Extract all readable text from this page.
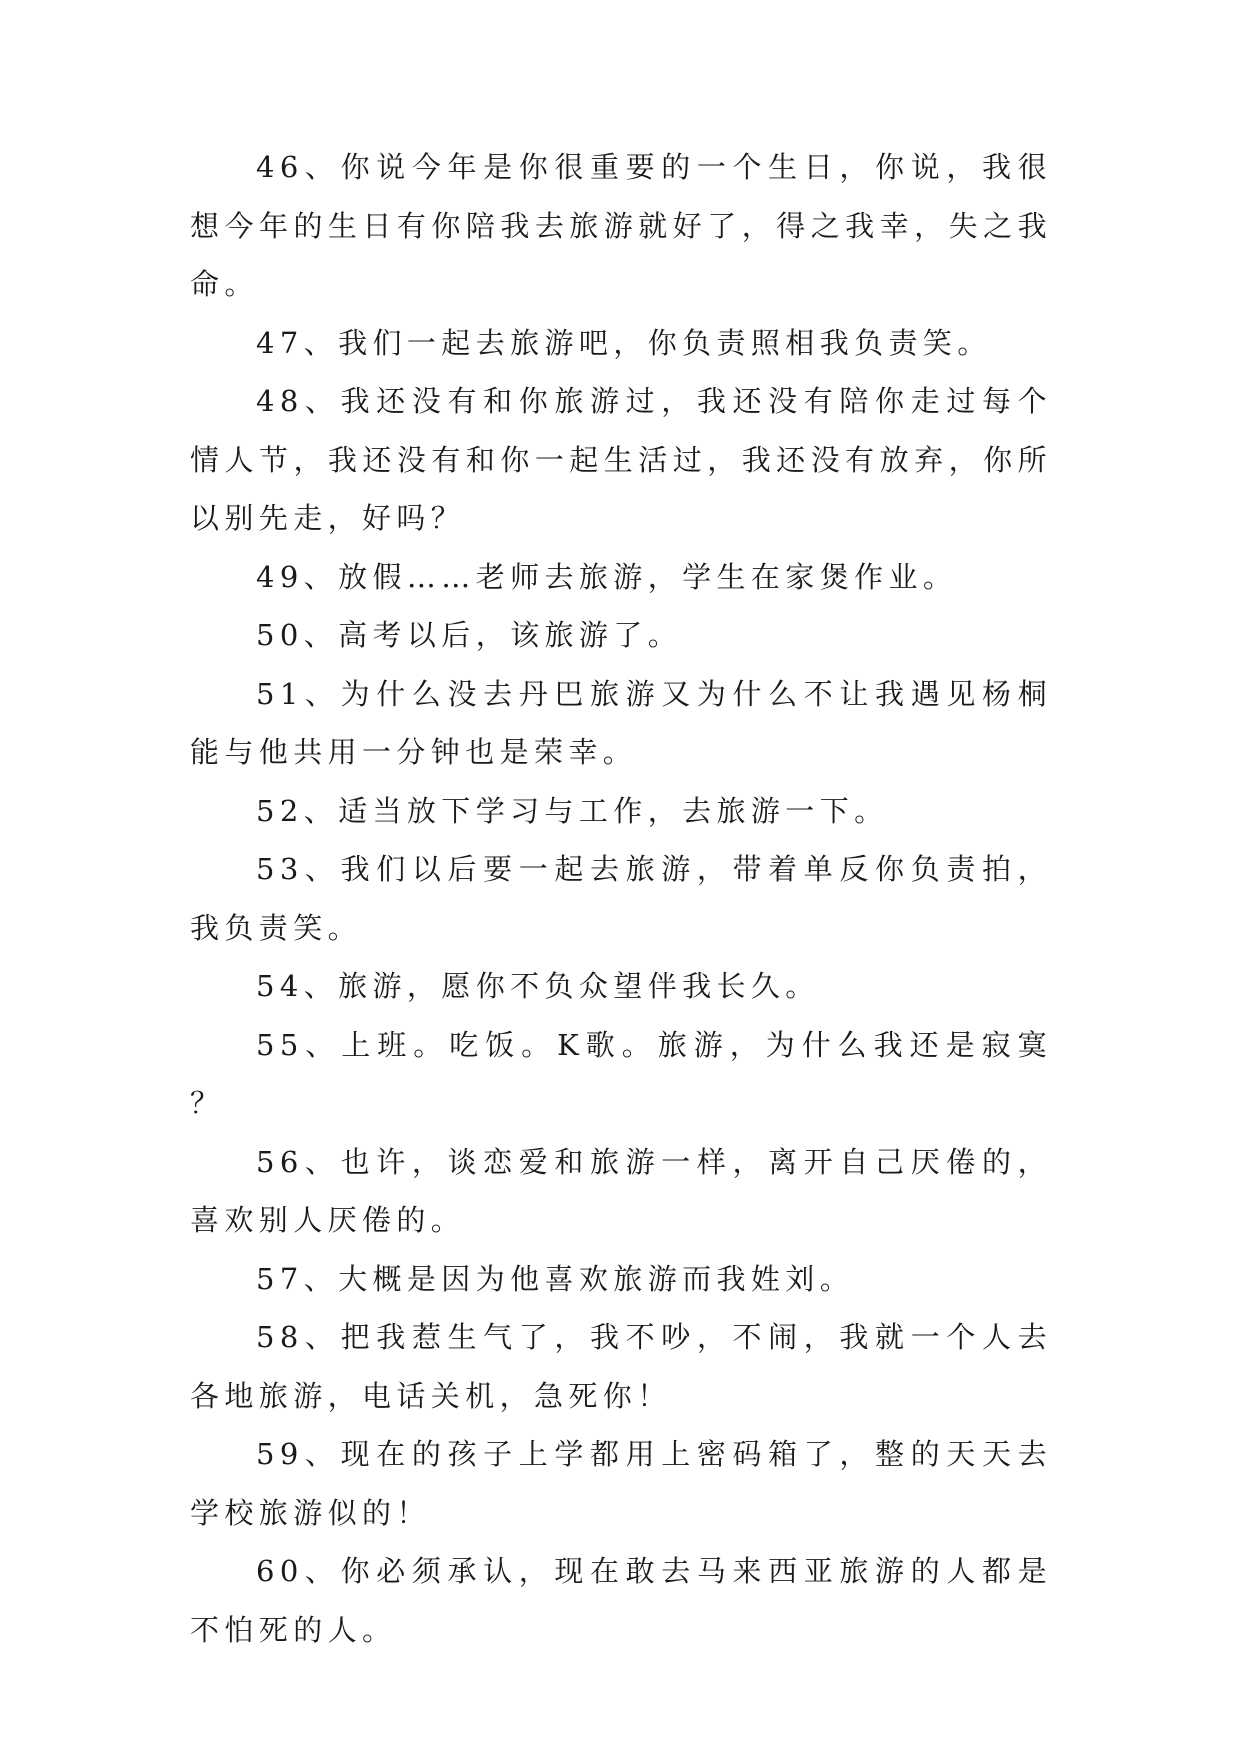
46、你说今年是你很重要的一个生日，你说，我很想今年的生日有你陪我去旅游就好了，得之我幸，失之我命。

47、我们一起去旅游吧，你负责照相我负责笑。

48、我还没有和你旅游过，我还没有陪你走过每个情人节，我还没有和你一起生活过，我还没有放弃，你所以别先走，好吗？

49、放假……老师去旅游，学生在家煲作业。

50、高考以后，该旅游了。

51、为什么没去丹巴旅游又为什么不让我遇见杨桐能与他共用一分钟也是荣幸。

52、适当放下学习与工作，去旅游一下。

53、我们以后要一起去旅游，带着单反你负责拍，我负责笑。

54、旅游，愿你不负众望伴我长久。

55、上班。吃饭。K歌。旅游，为什么我还是寂寞？

56、也许，谈恋爱和旅游一样，离开自己厌倦的，喜欢别人厌倦的。

57、大概是因为他喜欢旅游而我姓刘。

58、把我惹生气了，我不吵，不闹，我就一个人去各地旅游，电话关机，急死你！

59、现在的孩子上学都用上密码箱了，整的天天去学校旅游似的！

60、你必须承认，现在敢去马来西亚旅游的人都是不怕死的人。
